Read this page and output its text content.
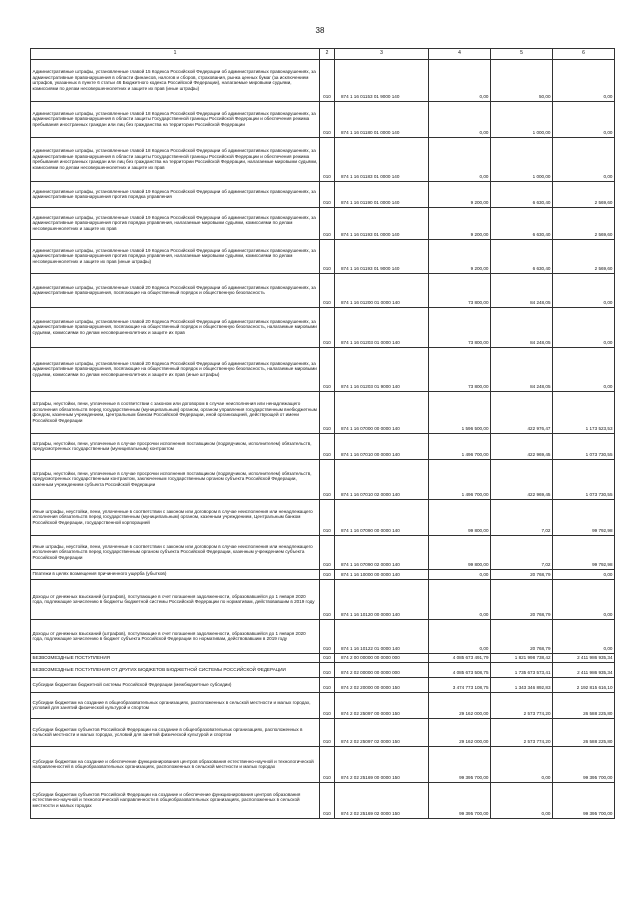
38
1	2	3	4	5	6
Административные штрафы, установленные главой 15 Кодекса Российской Федерации об административных правонарушениях, за административные правонарушения в области финансов, налогов и сборов, страхования, рынка ценных бумаг (за исключением штрафов, указанных в пункте 6 статьи 46 Бюджетного кодекса Российской Федерации), налагаемые мировыми судьями, комиссиями по делам несовершеннолетних и защите их прав (иные штрафы)	010	874 1 16 01153 01 9000 140	0,00	50,00	0,00
Административные штрафы, установленные главой 18 Кодекса Российской Федерации об административных правонарушениях, за административные правонарушения в области защиты Государственной границы Российской Федерации и обеспечения режима пребывания иностранных граждан или лиц без гражданства на территории Российской Федерации	010	874 1 16 01180 01 0000 140	0,00	1 000,00	0,00
Административные штрафы, установленные главой 18 Кодекса Российской Федерации об административных правонарушениях, за административные правонарушения в области защиты Государственной границы Российской Федерации и обеспечения режима пребывания иностранных граждан или лиц без гражданства на территории Российской Федерации, налагаемые мировыми судьями, комиссиями по делам несовершеннолетних и защите их прав	010	874 1 16 01183 01 0000 140	0,00	1 000,00	0,00
Административные штрафы, установленные главой 19 Кодекса Российской Федерации об административных правонарушениях, за административные правонарушения против порядка управления	010	874 1 16 01190 01 0000 140	9 200,00	6 630,40	2 569,60
Административные штрафы, установленные главой 19 Кодекса Российской Федерации об административных правонарушениях, за административные правонарушения против порядка управления, налагаемые мировыми судьями, комиссиями по делам несовершеннолетних и защите их прав	010	874 1 16 01193 01 0000 140	9 200,00	6 630,40	2 569,60
Административные штрафы, установленные главой 19 Кодекса Российской Федерации об административных правонарушениях, за административные правонарушения против порядка управления, налагаемые мировыми судьями, комиссиями по делам несовершеннолетних и защите их прав (иные штрафы)	010	874 1 16 01193 01 9000 140	9 200,00	6 630,40	2 569,60
Административные штрафы, установленные главой 20 Кодекса Российской Федерации об административных правонарушениях, за административные правонарушения, посягающие на общественный порядок и общественную безопасность	010	874 1 16 01200 01 0000 140	73 800,00	84 248,05	0,00
Административные штрафы, установленные главой 20 Кодекса Российской Федерации об административных правонарушениях, за административные правонарушения, посягающие на общественный порядок и общественную безопасность, налагаемые мировыми судьями, комиссиями по делам несовершеннолетних и защите их прав	010	874 1 16 01203 01 0000 140	73 800,00	84 248,05	0,00
Административные штрафы, установленные главой 20 Кодекса Российской Федерации об административных правонарушениях, за административные правонарушения, посягающие на общественный порядок и общественную безопасность, налагаемые мировыми судьями, комиссиями по делам несовершеннолетних и защите их прав (иные штрафы)	010	874 1 16 01203 01 9000 140	73 800,00	84 248,05	0,00
Штрафы, неустойки, пени, уплаченные в соответствии с законом или договором в случае неисполнения или ненадлежащего исполнения обязательств перед государственным (муниципальным) органом, органом управления государственным внебюджетным фондом, казенным учреждением, Центральным банком Российской Федерации, иной организацией, действующей от имени Российской Федерации	010	874 1 16 07000 00 0000 140	1 596 500,00	422 976,47	1 173 523,53
Штрафы, неустойки, пени, уплаченные в случае просрочки исполнения поставщиком (подрядчиком, исполнителем) обязательств, предусмотренных государственным (муниципальным) контрактом	010	874 1 16 07010 00 0000 140	1 496 700,00	422 969,45	1 073 730,55
Штрафы, неустойки, пени, уплаченные в случае просрочки исполнения поставщиком (подрядчиком, исполнителем) обязательств, предусмотренных государственным контрактом, заключенным государственным органом субъекта Российской Федерации, казенным учреждением субъекта Российской Федерации	010	874 1 16 07010 02 0000 140	1 496 700,00	422 969,45	1 073 730,55
Иные штрафы, неустойки, пени, уплаченные в соответствии с законом или договором в случае неисполнения или ненадлежащего исполнения обязательств перед государственным (муниципальным) органом, казенным учреждением, Центральным банком Российской Федерации, государственной корпорацией	010	874 1 16 07090 00 0000 140	99 800,00	7,02	99 792,98
Иные штрафы, неустойки, пени, уплаченные в соответствии с законом или договором в случае неисполнения или ненадлежащего исполнения обязательств перед государственным органом субъекта Российской Федерации, казенным учреждением субъекта Российской Федерации	010	874 1 16 07090 02 0000 140	99 800,00	7,02	99 792,98
Платежи в целях возмещения причиненного ущерба (убытков)	010	874 1 16 10000 00 0000 140	0,00	20 768,79	0,00
Доходы от денежных взысканий (штрафов), поступающие в счет погашения задолженности, образовавшейся до 1 января 2020 года, подлежащие зачислению в бюджеты бюджетной системы Российской Федерации по нормативам, действовавшим в 2019 году	010	874 1 16 10120 00 0000 140	0,00	20 768,79	0,00
Доходы от денежных взысканий (штрафов), поступающие в счет погашения задолженности, образовавшейся до 1 января 2020 года, подлежащие зачислению в бюджет субъекта Российской Федерации по нормативам, действовавшим в 2019 году	010	874 1 16 10122 01 0000 140	0,00	20 768,79	0,00
БЕЗВОЗМЕЗДНЫЕ ПОСТУПЛЕНИЯ	010	874 2 00 00000 00 0000 000	4 085 673 491,79	1 821 998 738,42	2 411 986 935,34
БЕЗВОЗМЕЗДНЫЕ ПОСТУПЛЕНИЯ ОТ ДРУГИХ БЮДЖЕТОВ БЮДЖЕТНОЙ СИСТЕМЫ РОССИЙСКОЙ ФЕДЕРАЦИИ	010	874 2 02 00000 00 0000 000	4 085 673 508,75	1 735 673 573,41	2 411 986 935,34
Субсидии бюджетам бюджетной системы Российской Федерации (межбюджетные субсидии)	010	874 2 02 20000 00 0000 150	3 474 773 108,75	1 343 346 892,83	2 192 815 616,10
Субсидии бюджетам на создание в общеобразовательных организациях, расположенных в сельской местности и малых городах, условий для занятий физической культурой и спортом	010	874 2 02 25097 00 0000 150	29 162 000,00	2 573 774,20	26 588 225,80
Субсидии бюджетам субъектов Российской Федерации на создание в общеобразовательных организациях, расположенных в сельской местности и малых городах, условий для занятий физической культурой и спортом	010	874 2 02 25097 02 0000 150	29 162 000,00	2 573 774,20	26 588 225,80
Субсидии бюджетам на создание и обеспечение функционирования центров образования естественно-научной и технологической направленностей в общеобразовательных организациях, расположенных в сельской местности и малых городах	010	874 2 02 25169 00 0000 150	99 395 700,00	0,00	99 395 700,00
Субсидии бюджетам субъектов Российской Федерации на создание и обеспечение функционирования центров образования естественно-научной и технологической направленности в общеобразовательных организациях, расположенных в сельской местности и малых городах	010	874 2 02 25169 02 0000 150	99 395 700,00	0,00	99 395 700,00
